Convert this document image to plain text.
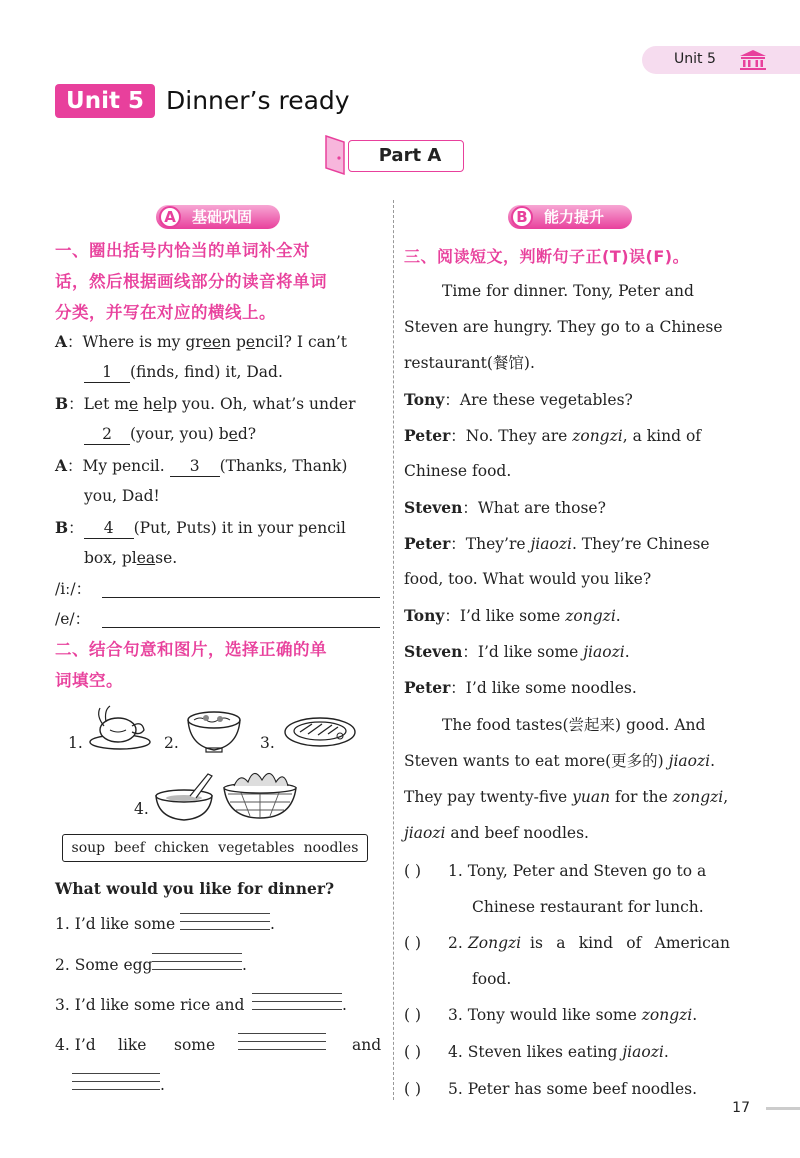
Unit 5
Unit 5 Dinner’s ready
Part A
A	基础巩固
一、圈出括号内恰当的单词补全对
话，然后根据画线部分的读音将单词
分类，并写在对应的横线上。
A：Where is my green pencil? I can’t
1 (finds, find) it, Dad.
B：Let me help you. Oh, what’s under
2 (your, you) bed?
A：My pencil. 3 (Thanks, Thank)
you, Dad!
B： 4 (Put, Puts) it in your pencil
box, please.
/iː/：
/e/：
二、结合句意和图片，选择正确的单
词填空。
1.	2.	3.
4.
soup beef chicken vegetables noodles
What would you like for dinner?
1. I’d like some	.
2. Some egg	.
3. I’d like some rice and	.
4. I’d like some	and
.
B	能力提升
三、阅读短文，判断句子正(T)误(F)。
Time for dinner. Tony, Peter and
Steven are hungry. They go to a Chinese
restaurant(餐馆).
Tony：Are these vegetables?
Peter：No. They are zongzi, a kind of
Chinese food.
Steven：What are those?
Peter：They’re jiaozi. They’re Chinese
food, too. What would you like?
Tony：I’d like some zongzi.
Steven：I’d like some jiaozi.
Peter：I’d like some noodles.
The food tastes(尝起来) good. And
Steven wants to eat more(更多的) jiaozi.
They pay twenty-five yuan for the zongzi,
jiaozi and beef noodles.
( ) 1. Tony, Peter and Steven go to a
Chinese restaurant for lunch.
( ) 2. Zongzi is a kind of American
food.
( ) 3. Tony would like some zongzi.
( ) 4. Steven likes eating jiaozi.
( ) 5. Peter has some beef noodles.
17
